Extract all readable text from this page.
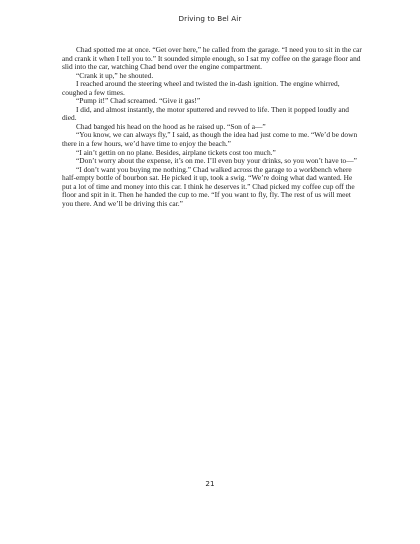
Driving to Bel Air

Chad spotted me at once. “Get over here,” he called from the garage. “I need you to sit in the car and crank it when I tell you to.” It sounded simple enough, so I sat my coffee on the garage floor and slid into the car, watching Chad bend over the engine compartment.

“Crank it up,” he shouted.

I reached around the steering wheel and twisted the in-dash ignition. The engine whirred, coughed a few times.

“Pump it!” Chad screamed. “Give it gas!”

I did, and almost instantly, the motor sputtered and revved to life. Then it popped loudly and died.

Chad banged his head on the hood as he raised up. “Son of a—”

“You know, we can always fly,” I said, as though the idea had just come to me. “We’d be down there in a few hours, we’d have time to enjoy the beach.”

“I ain’t gettin on no plane. Besides, airplane tickets cost too much.”

“Don’t worry about the expense, it’s on me. I’ll even buy your drinks, so you won’t have to—”

“I don’t want you buying me nothing.” Chad walked across the garage to a workbench where half-empty bottle of bourbon sat. He picked it up, took a swig. “We’re doing what dad wanted. He put a lot of time and money into this car. I think he deserves it.” Chad picked my coffee cup off the floor and spit in it. Then he handed the cup to me. “If you want to fly, fly. The rest of us will meet you there. And we’ll be driving this car.”

21
